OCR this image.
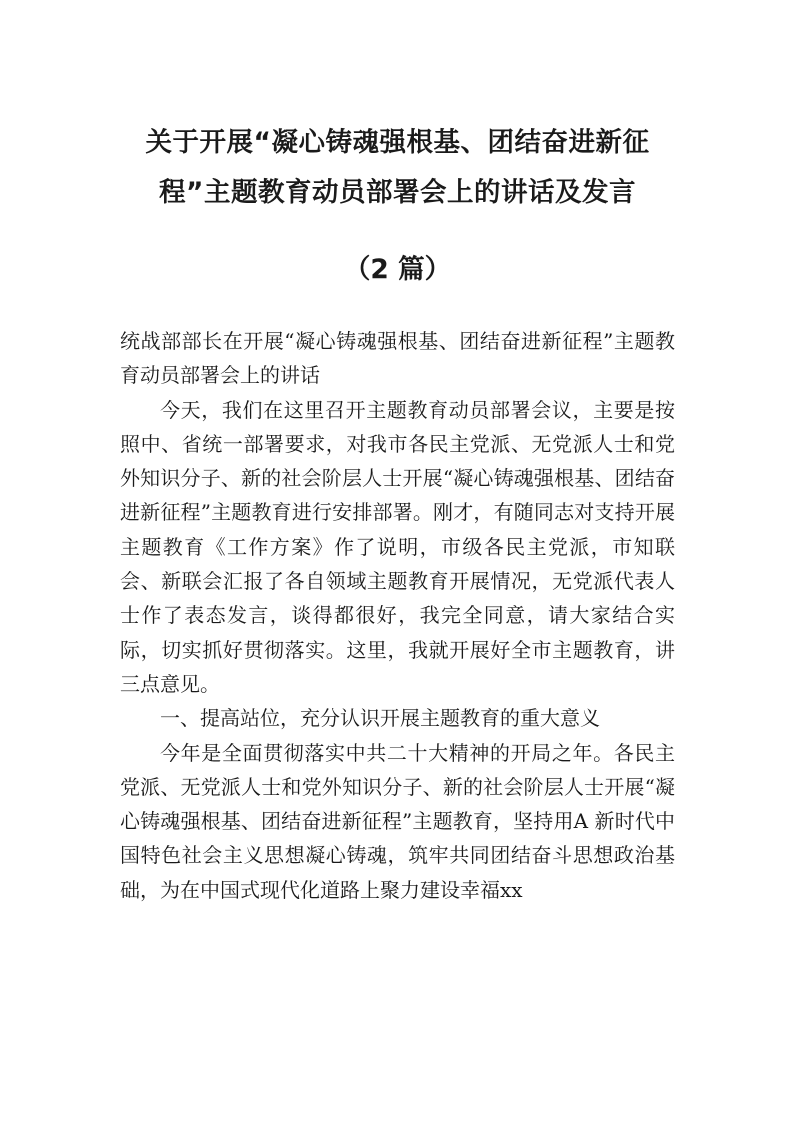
关于开展“凝心铸魂强根基、团结奋进新征程”主题教育动员部署会上的讲话及发言
（2 篇）

统战部部长在开展“凝心铸魂强根基、团结奋进新征程”主题教育动员部署会上的讲话

今天，我们在这里召开主题教育动员部署会议，主要是按照中、省统一部署要求，对我市各民主党派、无党派人士和党外知识分子、新的社会阶层人士开展“凝心铸魂强根基、团结奋进新征程”主题教育进行安排部署。刚才，有随同志对支持开展主题教育《工作方案》作了说明，市级各民主党派，市知联会、新联会汇报了各自领域主题教育开展情况，无党派代表人士作了表态发言，谈得都很好，我完全同意，请大家结合实际，切实抓好贯彻落实。这里，我就开展好全市主题教育，讲三点意见。

一、提高站位，充分认识开展主题教育的重大意义

今年是全面贯彻落实中共二十大精神的开局之年。各民主党派、无党派人士和党外知识分子、新的社会阶层人士开展“凝心铸魂强根基、团结奋进新征程”主题教育，坚持用A 新时代中国特色社会主义思想凝心铸魂，筑牢共同团结奋斗思想政治基础，为在中国式现代化道路上聚力建设幸福xx
